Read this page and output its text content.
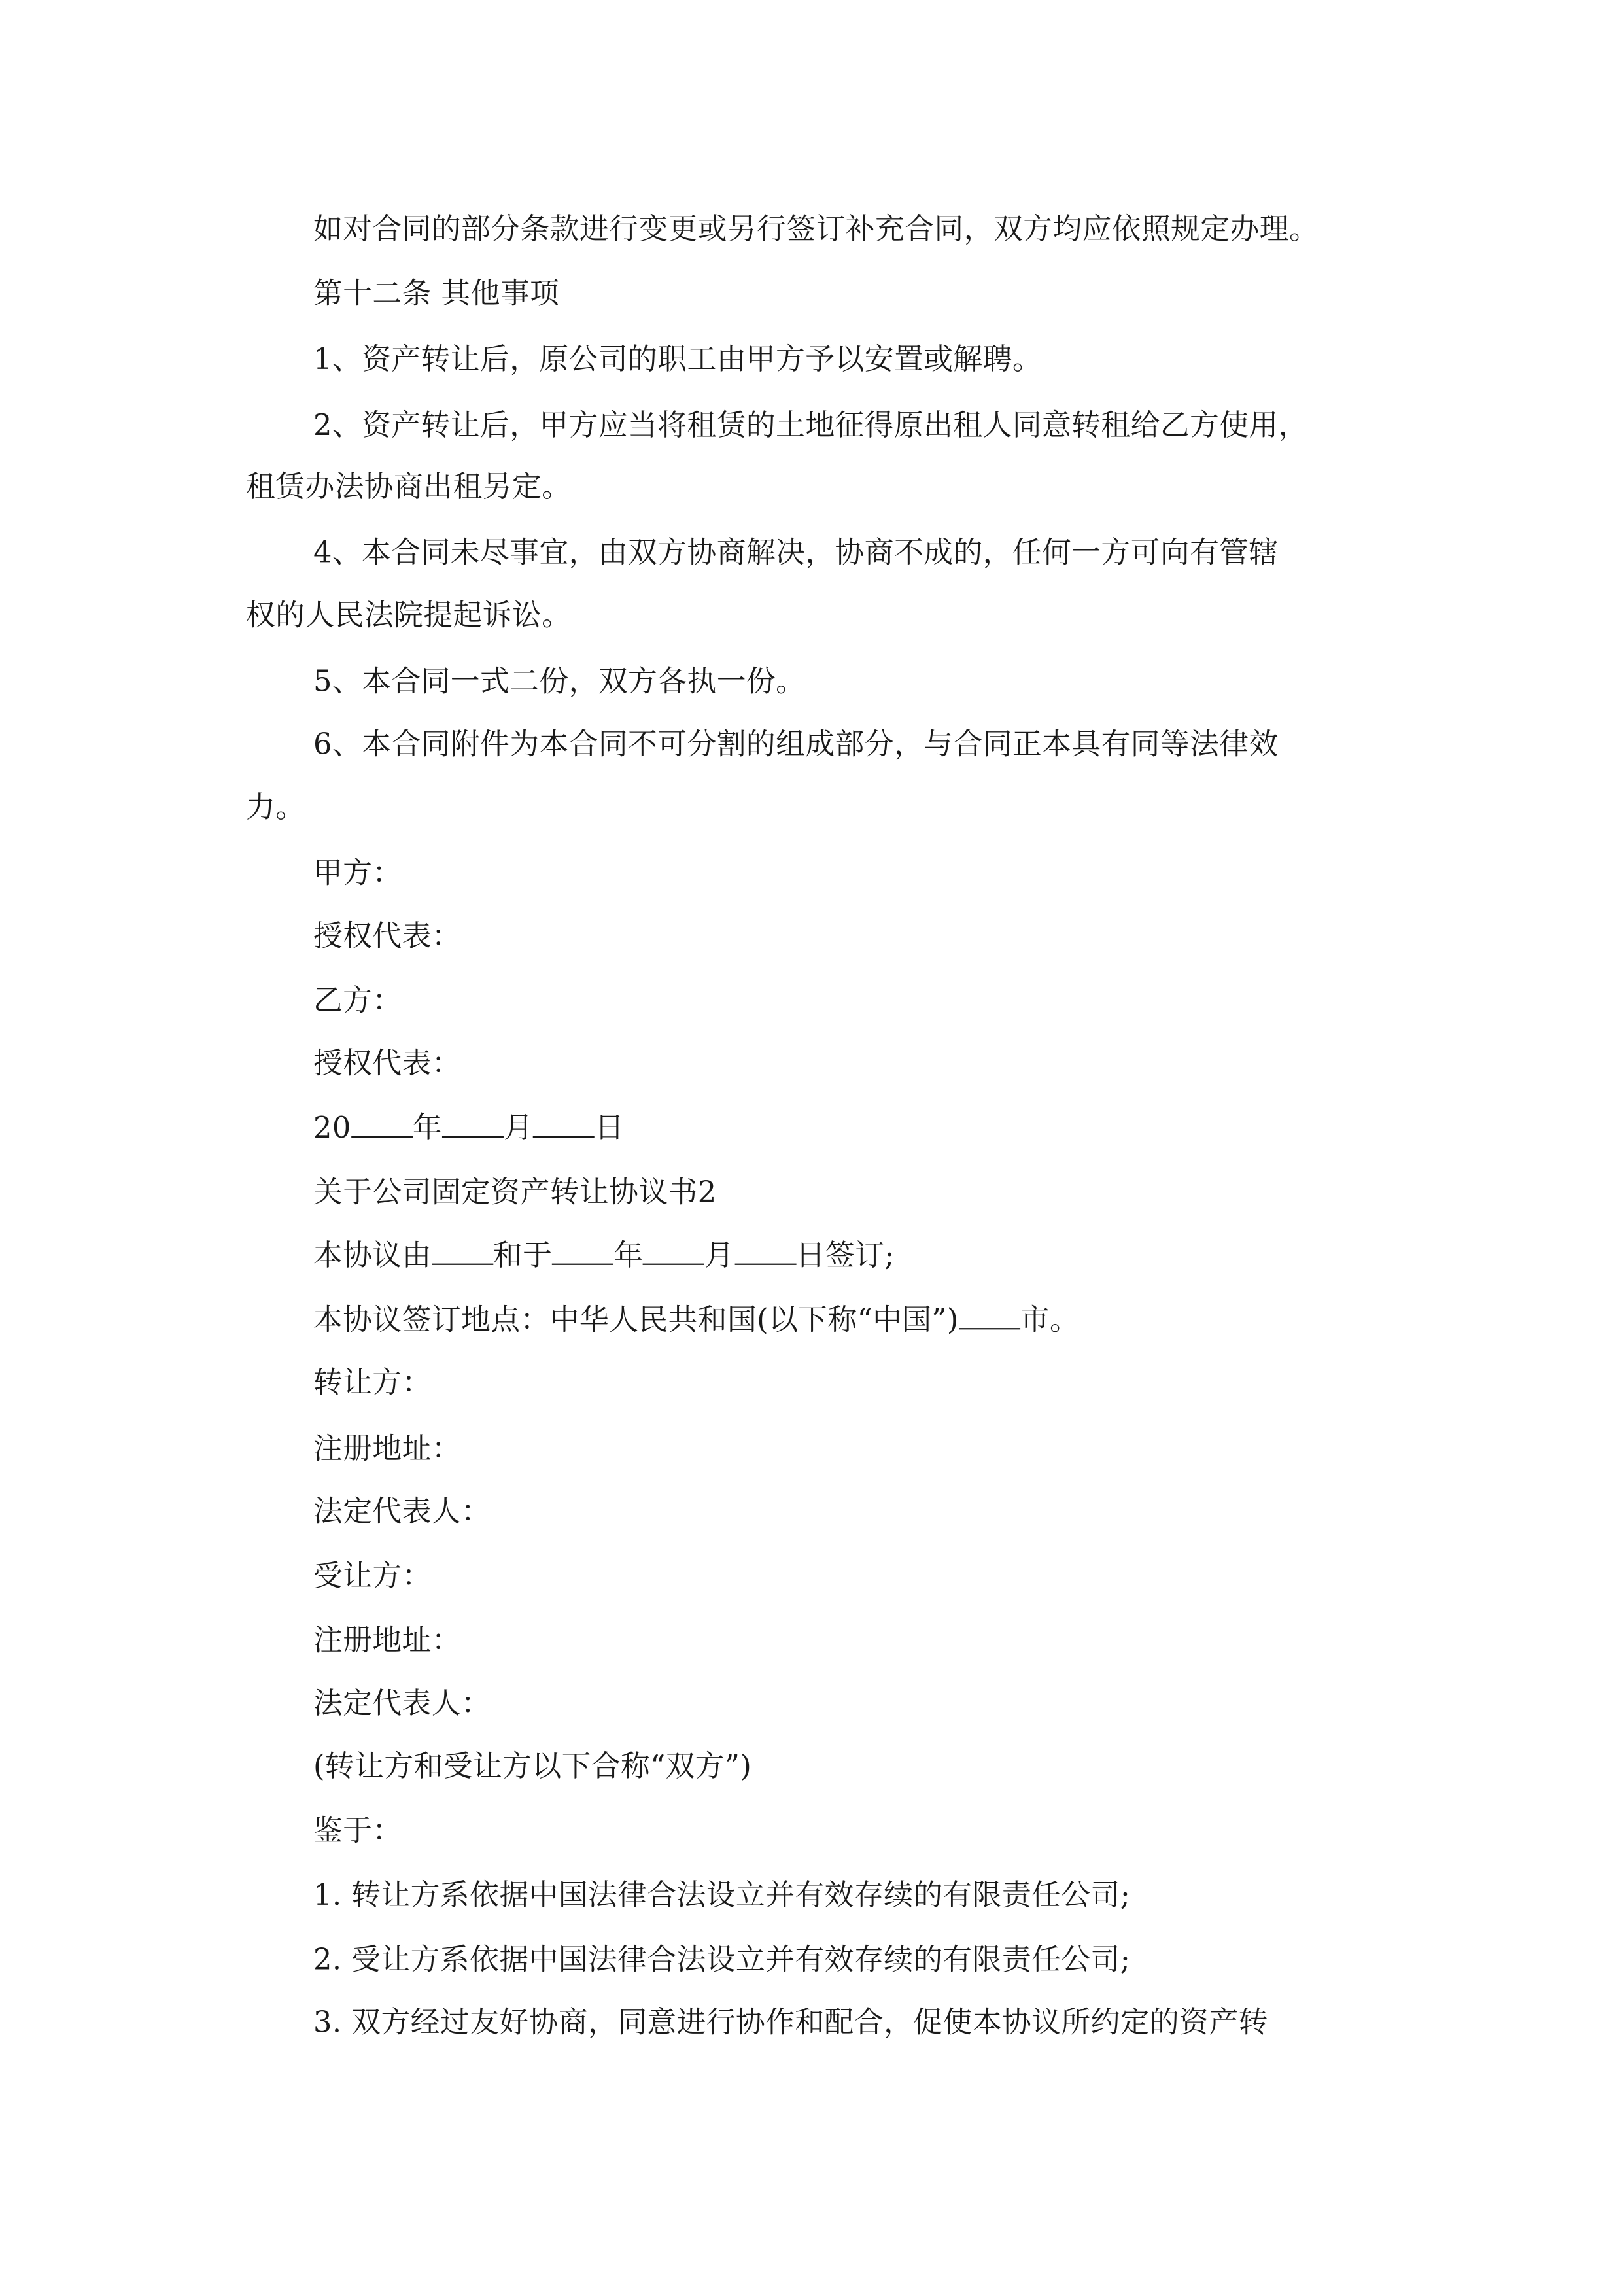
如对合同的部分条款进行变更或另行签订补充合同，双方均应依照规定办理。
第十二条 其他事项
1、资产转让后，原公司的职工由甲方予以安置或解聘。
2、资产转让后，甲方应当将租赁的土地征得原出租人同意转租给乙方使用，
租赁办法协商出租另定。
4、本合同未尽事宜，由双方协商解决，协商不成的，任何一方可向有管辖
权的人民法院提起诉讼。
5、本合同一式二份，双方各执一份。
6、本合同附件为本合同不可分割的组成部分，与合同正本具有同等法律效
力。
甲方：
授权代表：
乙方：
授权代表：
20	年	月	日
关于公司固定资产转让协议书2
本协议由	和于	年	月	日签订;
本协议签订地点：中华人民共和国(以下称“中国”)	市。
转让方：
注册地址：
法定代表人：
受让方：
注册地址：
法定代表人：
(转让方和受让方以下合称“双方”)
鉴于：
1. 转让方系依据中国法律合法设立并有效存续的有限责任公司;
2. 受让方系依据中国法律合法设立并有效存续的有限责任公司;
3. 双方经过友好协商，同意进行协作和配合，促使本协议所约定的资产转
